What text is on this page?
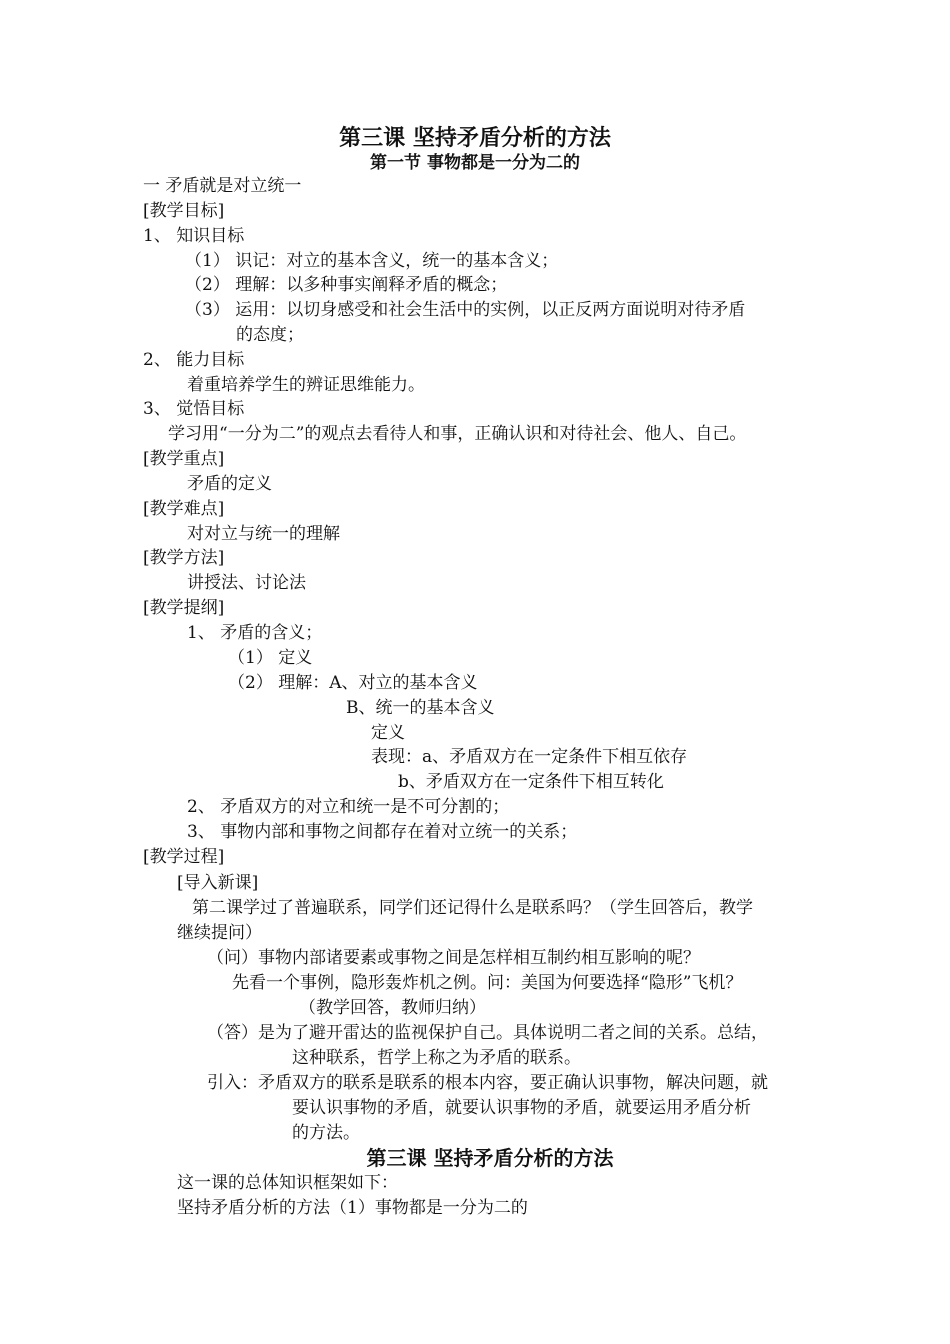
第三课 坚持矛盾分析的方法
第一节 事物都是一分为二的
一 矛盾就是对立统一
[教学目标]
1、 知识目标
（1） 识记：对立的基本含义，统一的基本含义；
（2） 理解：以多种事实阐释矛盾的概念；
（3） 运用：以切身感受和社会生活中的实例，以正反两方面说明对待矛盾
的态度；
2、 能力目标
着重培养学生的辨证思维能力。
3、 觉悟目标
学习用“一分为二”的观点去看待人和事，正确认识和对待社会、他人、自己。
[教学重点]
矛盾的定义
[教学难点]
对对立与统一的理解
[教学方法]
讲授法、讨论法
[教学提纲]
1、 矛盾的含义；
（1） 定义
（2） 理解：A、对立的基本含义
B、统一的基本含义
定义
表现：a、矛盾双方在一定条件下相互依存
b、矛盾双方在一定条件下相互转化
2、 矛盾双方的对立和统一是不可分割的；
3、 事物内部和事物之间都存在着对立统一的关系；
[教学过程]
[导入新课]
第二课学过了普遍联系，同学们还记得什么是联系吗？（学生回答后，教学
继续提问）
（问）事物内部诸要素或事物之间是怎样相互制约相互影响的呢？
先看一个事例，隐形轰炸机之例。问：美国为何要选择“隐形”飞机？
（教学回答，教师归纳）
（答）是为了避开雷达的监视保护自己。具体说明二者之间的关系。总结，
这种联系，哲学上称之为矛盾的联系。
引入：矛盾双方的联系是联系的根本内容，要正确认识事物，解决问题，就
要认识事物的矛盾，就要认识事物的矛盾，就要运用矛盾分析
的方法。
第三课 坚持矛盾分析的方法
这一课的总体知识框架如下：
坚持矛盾分析的方法（1）事物都是一分为二的
